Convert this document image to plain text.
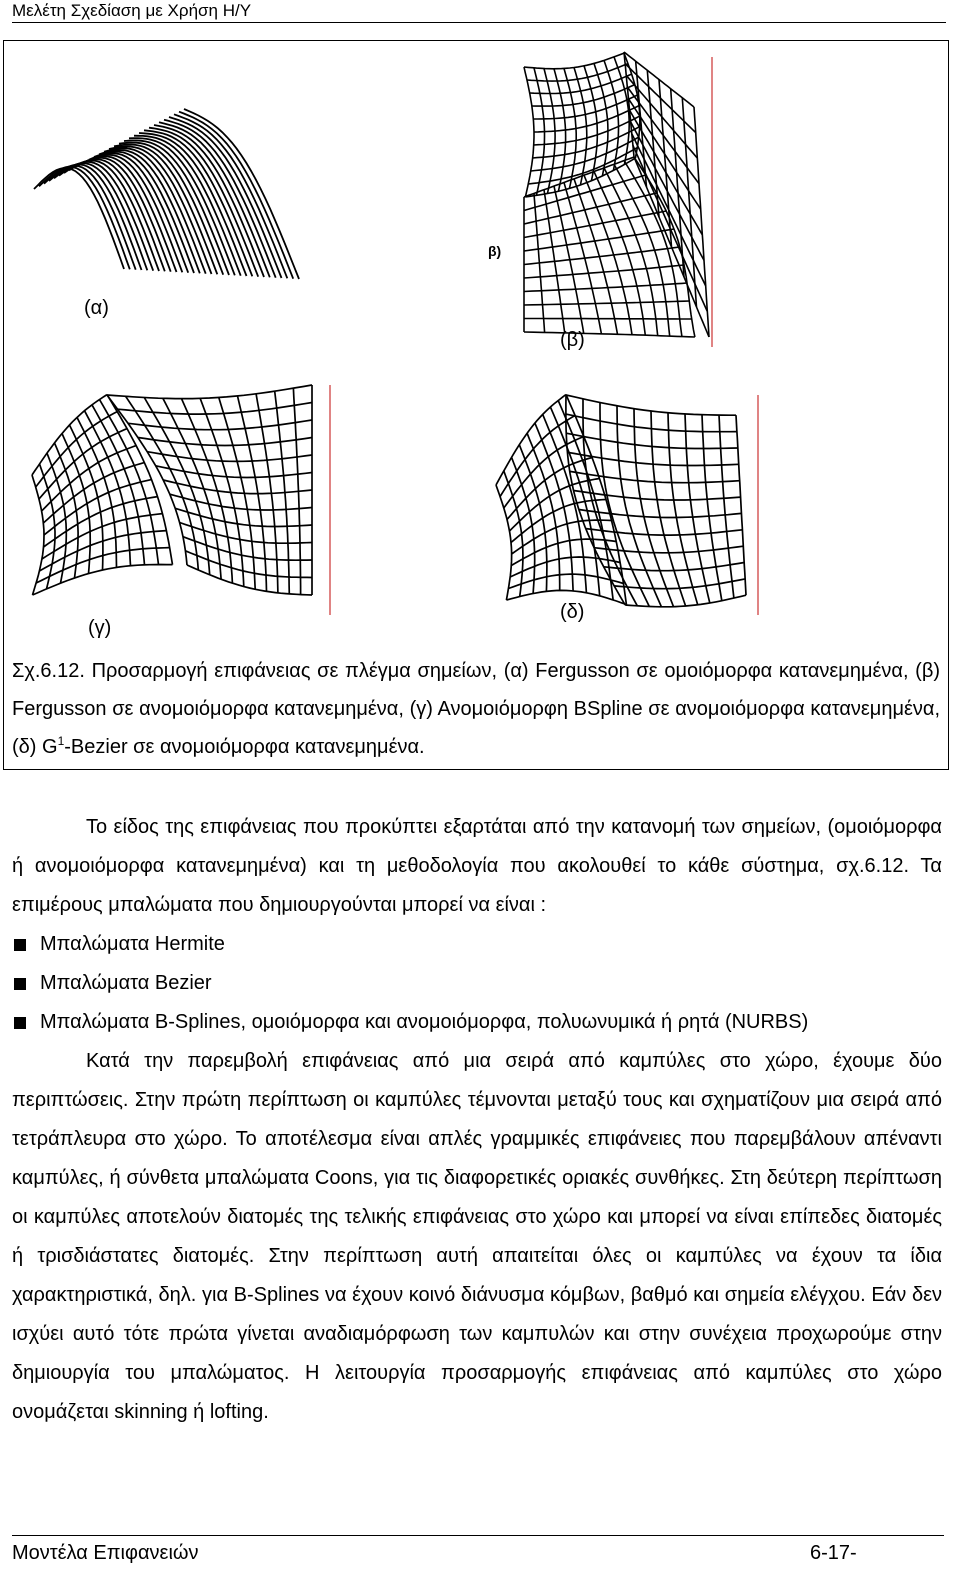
Μελέτη Σχεδίαση με Χρήση Η/Υ
(α)
β)
(β)
(γ)
(δ)
Σχ.6.12. Προσαρμογή επιφάνειας σε πλέγμα σημείων, (α) Fergusson σε ομοιόμορφα κατανεμημένα, (β) Fergusson σε ανομοιόμορφα κατανεμημένα, (γ) Ανομοιόμορφη BSpline σε ανομοιόμορφα κατανεμημένα, (δ) $G^1$-Bezier σε ανομοιόμορφα κατανεμημένα.

Το είδος της επιφάνειας που προκύπτει εξαρτάται από την κατανομή των σημείων, (ομοιόμορφα ή ανομοιόμορφα κατανεμημένα) και τη μεθοδολογία που ακολουθεί το κάθε σύστημα, σχ.6.12. Τα επιμέρους μπαλώματα που δημιουργούνται μπορεί να είναι :

Μπαλώματα Hermite
Μπαλώματα Bezier
Μπαλώματα B-Splines, ομοιόμορφα και ανομοιόμορφα, πολυωνυμικά ή ρητά (NURBS)

Κατά την παρεμβολή επιφάνειας από μια σειρά από καμπύλες στο χώρο, έχουμε δύο περιπτώσεις. Στην πρώτη περίπτωση οι καμπύλες τέμνονται μεταξύ τους και σχηματίζουν μια σειρά από τετράπλευρα στο χώρο. Το αποτέλεσμα είναι απλές γραμμικές επιφάνειες που παρεμβάλουν απέναντι καμπύλες, ή σύνθετα μπαλώματα Coons, για τις διαφορετικές οριακές συνθήκες. Στη δεύτερη περίπτωση οι καμπύλες αποτελούν διατομές της τελικής επιφάνειας στο χώρο και μπορεί να είναι επίπεδες διατομές ή τρισδιάστατες διατομές. Στην περίπτωση αυτή απαιτείται όλες οι καμπύλες να έχουν τα ίδια χαρακτηριστικά, δηλ. για B-Splines να έχουν κοινό διάνυσμα κόμβων, βαθμό και σημεία ελέγχου. Εάν δεν ισχύει αυτό τότε πρώτα γίνεται αναδιαμόρφωση των καμπυλών και στην συνέχεια προχωρούμε στην δημιουργία του μπαλώματος. Η λειτουργία προσαρμογής επιφάνειας από καμπύλες στο χώρο ονομάζεται skinning ή lofting.

Μοντέλα Επιφανειών	6-17-
